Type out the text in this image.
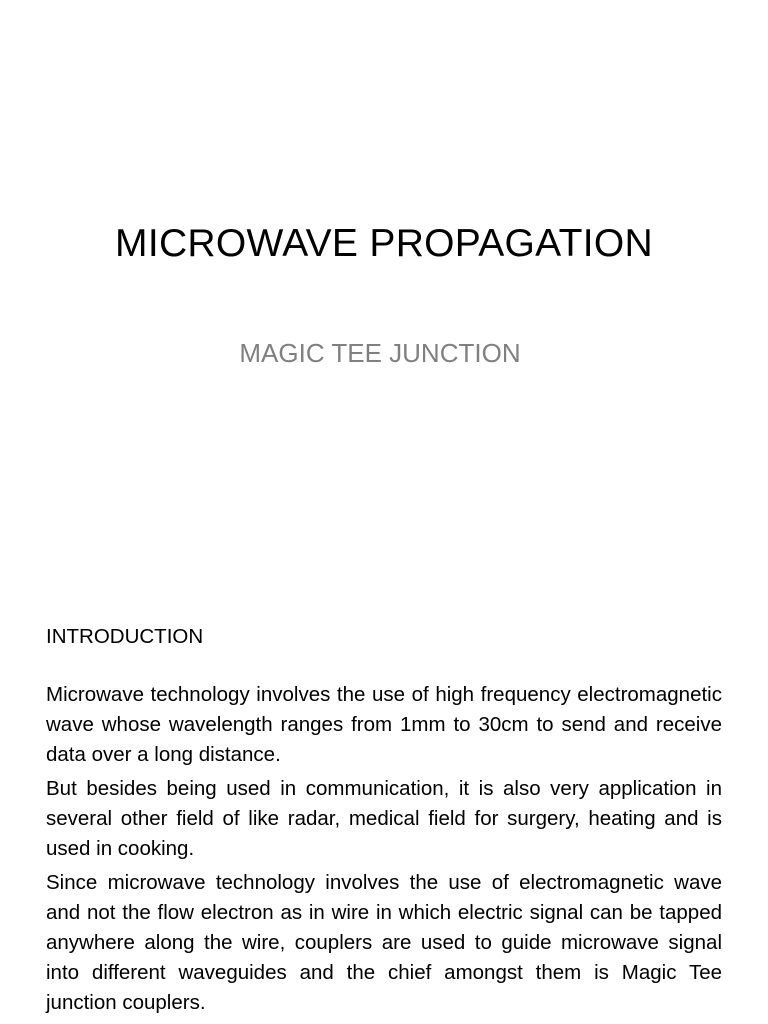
MICROWAVE PROPAGATION
MAGIC TEE JUNCTION
INTRODUCTION

Microwave technology involves the use of high frequency electromagnetic wave whose wavelength ranges from 1mm to 30cm to send and receive data over a long distance.

But besides being used in communication, it is also very application in several other field of like radar, medical field for surgery, heating and is used in cooking.

Since microwave technology involves the use of electromagnetic wave and not the flow electron as in wire in which electric signal can be tapped anywhere along the wire, couplers are used to guide microwave signal into different waveguides and the chief amongst them is Magic Tee junction couplers.
